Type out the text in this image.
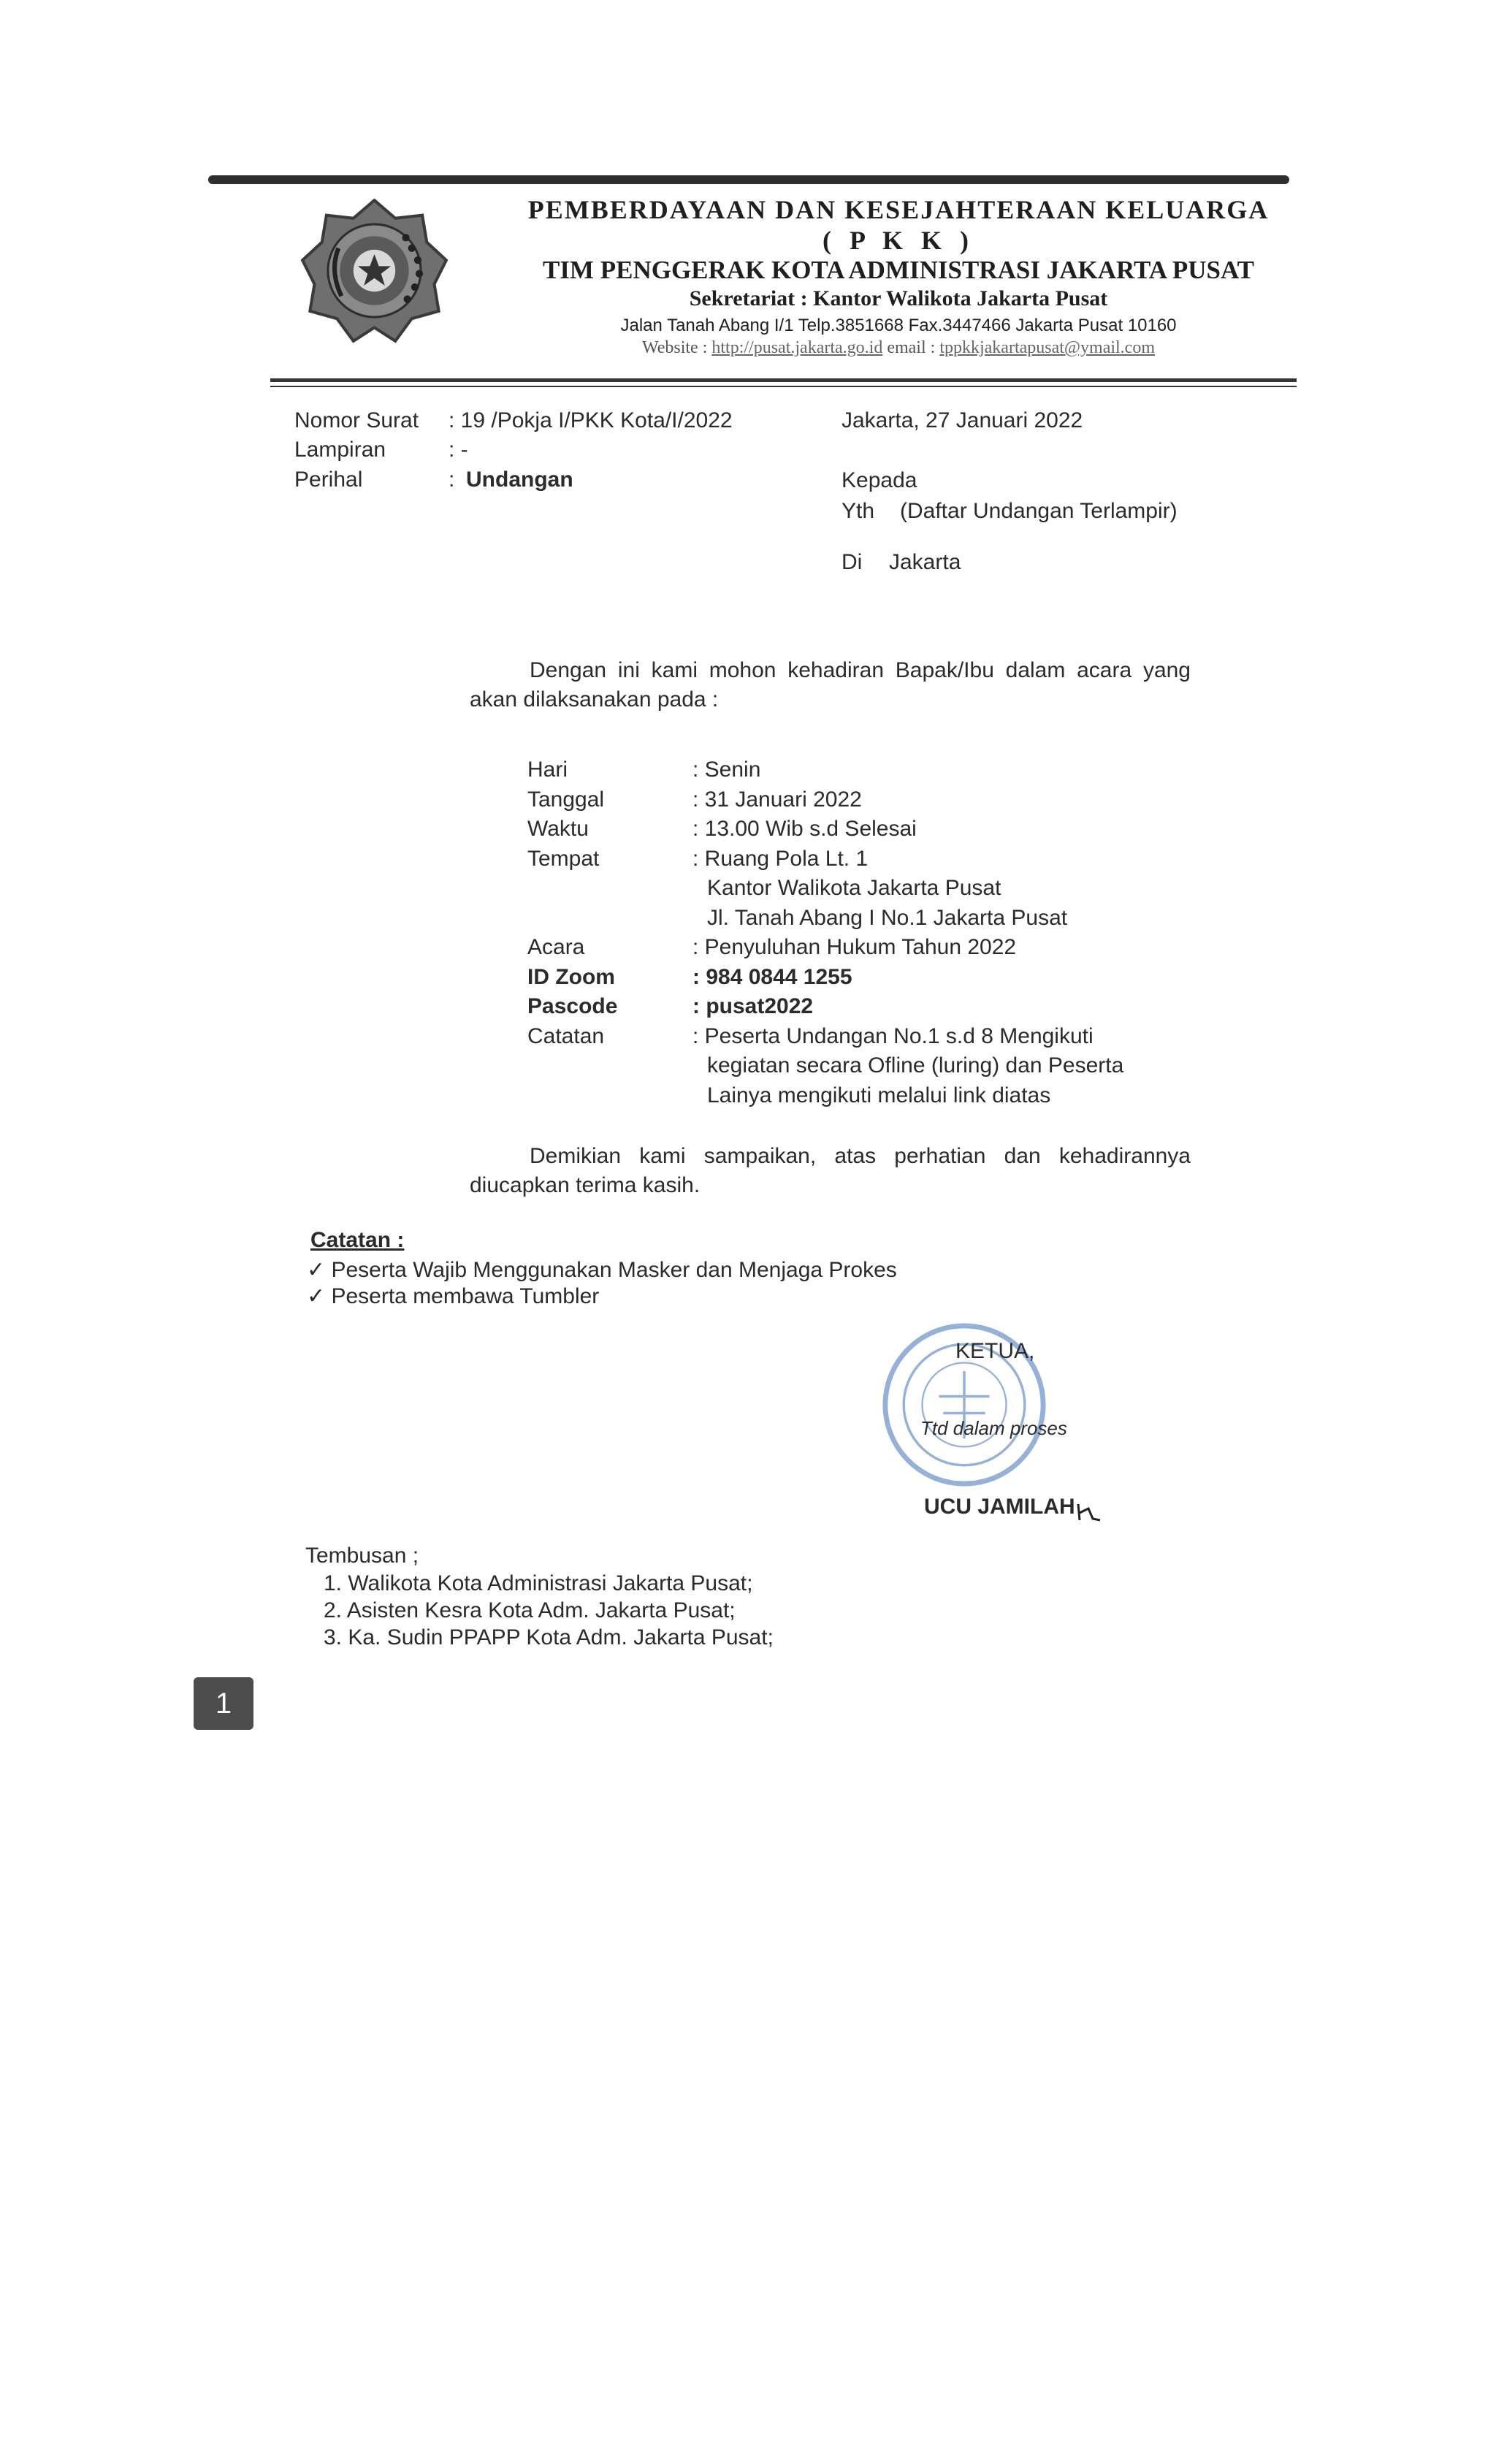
PEMBERDAYAAN DAN KESEJAHTERAAN KELUARGA
( P K K )
TIM PENGGERAK KOTA ADMINISTRASI JAKARTA PUSAT
Sekretariat : Kantor Walikota Jakarta Pusat
Jalan Tanah Abang I/1 Telp.3851668 Fax.3447466 Jakarta Pusat 10160
Website : http://pusat.jakarta.go.id email : tppkkjakartapusat@ymail.com
Nomor Surat : 19 /Pokja I/PKK Kota/I/2022
Lampiran	: -
Perihal	: Undangan
Jakarta, 27 Januari 2022
Kepada
Yth (Daftar Undangan Terlampir)
Di Jakarta
Dengan ini kami mohon kehadiran Bapak/Ibu dalam acara yang
akan dilaksanakan pada :
Hari	: Senin
Tanggal	: 31 Januari 2022
Waktu	: 13.00 Wib s.d Selesai
Tempat	: Ruang Pola Lt. 1
Kantor Walikota Jakarta Pusat
Jl. Tanah Abang I No.1 Jakarta Pusat
Acara	: Penyuluhan Hukum Tahun 2022
ID Zoom	: 984 0844 1255
Pascode	: pusat2022
Catatan	: Peserta Undangan No.1 s.d 8 Mengikuti
kegiatan secara Ofline (luring) dan Peserta
Lainya mengikuti melalui link diatas
Demikian kami sampaikan, atas perhatian dan kehadirannya
diucapkan terima kasih.
Catatan :
✓ Peserta Wajib Menggunakan Masker dan Menjaga Prokes
✓ Peserta membawa Tumbler
KETUA,
Ttd dalam proses
UCU JAMILAH
Tembusan ;
1. Walikota Kota Administrasi Jakarta Pusat;
2. Asisten Kesra Kota Adm. Jakarta Pusat;
3. Ka. Sudin PPAPP Kota Adm. Jakarta Pusat;
1
